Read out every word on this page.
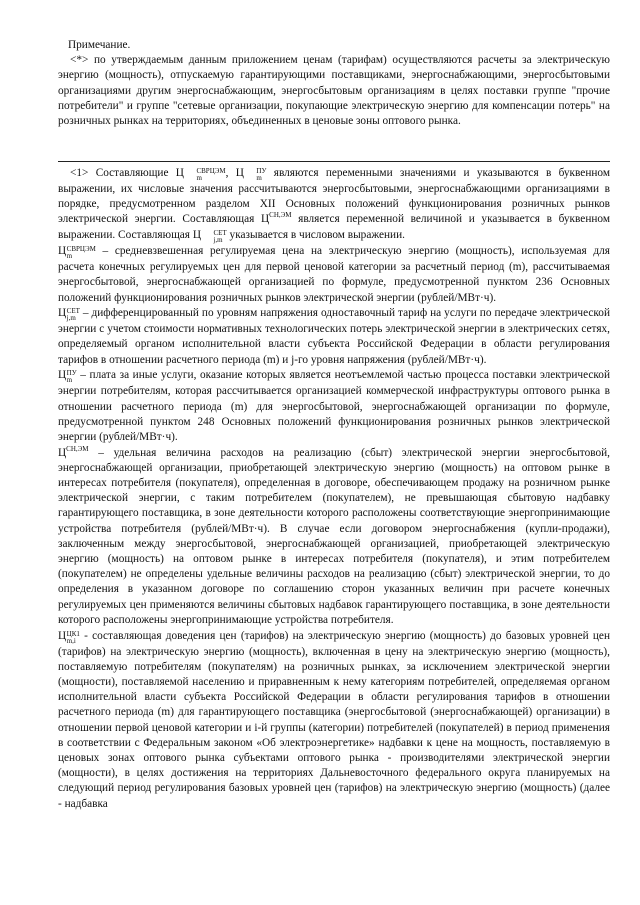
Примечание.

<*> по утверждаемым данным приложением ценам (тарифам) осуществляются расчеты за электрическую энергию (мощность), отпускаемую гарантирующими поставщиками, энергоснабжающими, энергосбытовыми организациями другим энергоснабжающим, энергосбытовым организациям в целях поставки группе "прочие потребители" и группе "сетевые организации, покупающие электрическую энергию для компенсации потерь" на розничных рынках на территориях, объединенных в ценовые зоны оптового рынка.

<1> Составляющие Ц	СВРЦЭМ
m	, Ц	ПУ
m	являются переменными значениями и указываются в буквенном выражении, их числовые значения рассчитываются энергосбытовыми, энергоснабжающими организациями в порядке, предусмотренном разделом XII Основных положений функционирования розничных рынков электрической энергии. Составляющая $Ц^{СН,ЭМ}$ является переменной величиной и указывается в буквенном выражении. Составляющая Ц	СЕТ
j,m указывается в числовом выражении.

Ц СВРЦЭМ
m	– средневзвешенная регулируемая цена на электрическую энергию (мощность), используемая для расчета конечных регулируемых цен для первой ценовой категории за расчетный период (m), рассчитываемая энергосбытовой, энергоснабжающей организацией по формуле, предусмотренной пунктом 236 Основных положений функционирования розничных рынков электрической энергии (рублей/МВт·ч).

Ц СЕТ
j,m – дифференцированный по уровням напряжения одноставочный тариф на услуги по передаче электрической энергии с учетом стоимости нормативных технологических потерь электрической энергии в электрических сетях, определяемый органом исполнительной власти субъекта Российской Федерации в области регулирования тарифов в отношении расчетного периода (m) и j-го уровня напряжения (рублей/МВт·ч).

Ц ПУ
m – плата за иные услуги, оказание которых является неотъемлемой частью процесса поставки электрической энергии потребителям, которая рассчитывается организацией коммерческой инфраструктуры оптового рынка в отношении расчетного периода (m) для энергосбытовой, энергоснабжающей организации по формуле, предусмотренной пунктом 248 Основных положений функционирования розничных рынков электрической энергии (рублей/МВт·ч).

$Ц^{СН,ЭМ}$ – удельная величина расходов на реализацию (сбыт) электрической энергии энергосбытовой, энергоснабжающей организации, приобретающей электрическую энергию (мощность) на оптовом рынке в интересах потребителя (покупателя), определенная в договоре, обеспечивающем продажу на розничном рынке электрической энергии, с таким потребителем (покупателем), не превышающая сбытовую надбавку гарантирующего поставщика, в зоне деятельности которого расположены соответствующие энергопринимающие устройства потребителя (рублей/МВт·ч). В случае если договором энергоснабжения (купли-продажи), заключенным между энергосбытовой, энергоснабжающей организацией, приобретающей электрическую энергию (мощность) на оптовом рынке в интересах потребителя (покупателя), и этим потребителем (покупателем) не определены удельные величины расходов на реализацию (сбыт) электрической энергии, то до определения в указанном договоре по соглашению сторон указанных величин при расчете конечных регулируемых цен применяются величины сбытовых надбавок гарантирующего поставщика, в зоне деятельности которого расположены энергопринимающие устройства потребителя.

Ц ЦК1
m,i - составляющая доведения цен (тарифов) на электрическую энергию (мощность) до базовых уровней цен (тарифов) на электрическую энергию (мощность), включенная в цену на электрическую энергию (мощность), поставляемую потребителям (покупателям) на розничных рынках, за исключением электрической энергии (мощности), поставляемой населению и приравненным к нему категориям потребителей, определяемая органом исполнительной власти субъекта Российской Федерации в области регулирования тарифов в отношении расчетного периода (m) для гарантирующего поставщика (энергосбытовой (энергоснабжающей) организации) в отношении первой ценовой категории и i-й группы (категории) потребителей (покупателей) в период применения в соответствии с Федеральным законом «Об электроэнергетике» надбавки к цене на мощность, поставляемую в ценовых зонах оптового рынка субъектами оптового рынка - производителями электрической энергии (мощности), в целях достижения на территориях Дальневосточного федерального округа планируемых на следующий период регулирования базовых уровней цен (тарифов) на электрическую энергию (мощность) (далее - надбавка
